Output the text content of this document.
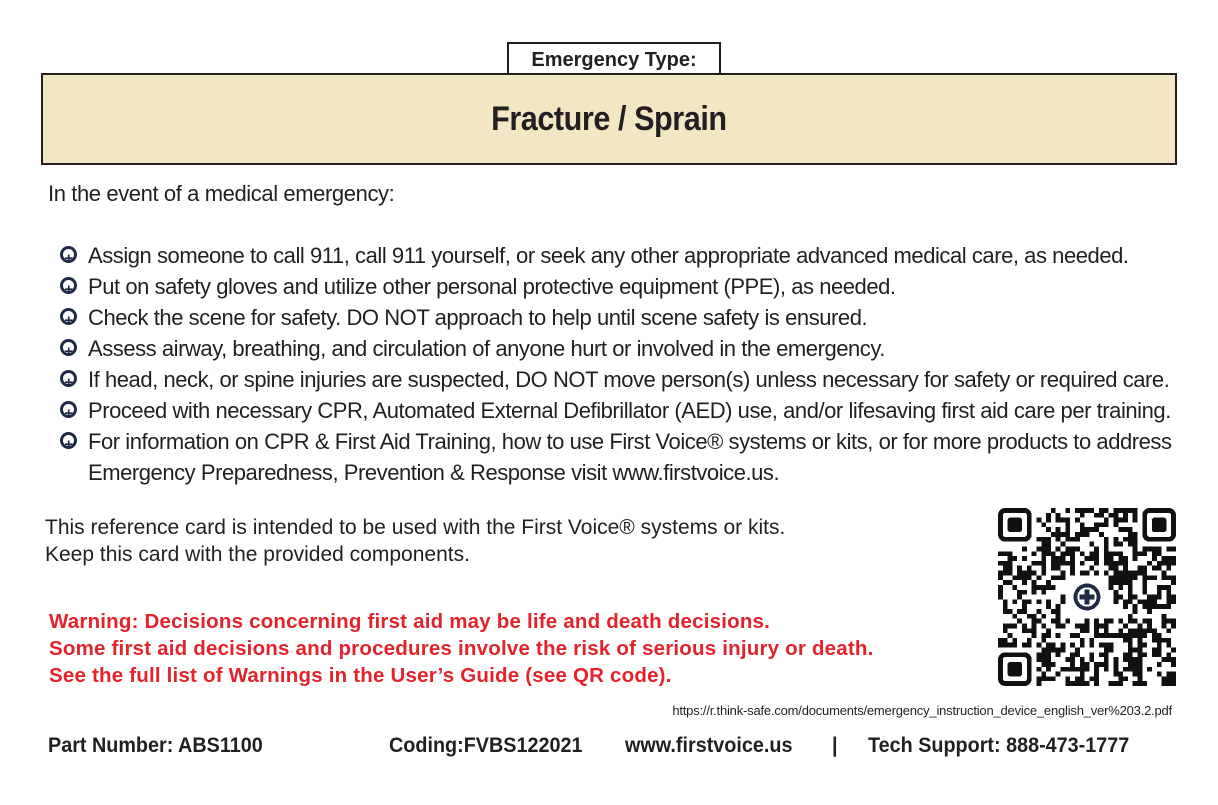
Emergency Type:
Fracture / Sprain
In the event of a medical emergency:
+
Assign someone to call 911, call 911 yourself, or seek any other appropriate advanced medical care, as needed.
+
Put on safety gloves and utilize other personal protective equipment (PPE), as needed.
+
Check the scene for safety. DO NOT approach to help until scene safety is ensured.
+
Assess airway, breathing, and circulation of anyone hurt or involved in the emergency.
+
If head, neck, or spine injuries are suspected, DO NOT move person(s) unless necessary for safety or required care.
+
Proceed with necessary CPR, Automated External Defibrillator (AED) use, and/or lifesaving first aid care per training.
+
For information on CPR & First Aid Training, how to use First Voice® systems or kits, or for more products to address Emergency Preparedness, Prevention & Response visit www.firstvoice.us.
This reference card is intended to be used with the First Voice® systems or kits.
Keep this card with the provided components.
Warning: Decisions concerning first aid may be life and death decisions.
Some first aid decisions and procedures involve the risk of serious injury or death.
See the full list of Warnings in the User’s Guide (see QR code).
https://r.think-safe.com/documents/emergency_instruction_device_english_ver%203.2.pdf
Part Number: ABS1100	Coding:FVBS122021 www.firstvoice.us | Tech Support: 888-473-1777
